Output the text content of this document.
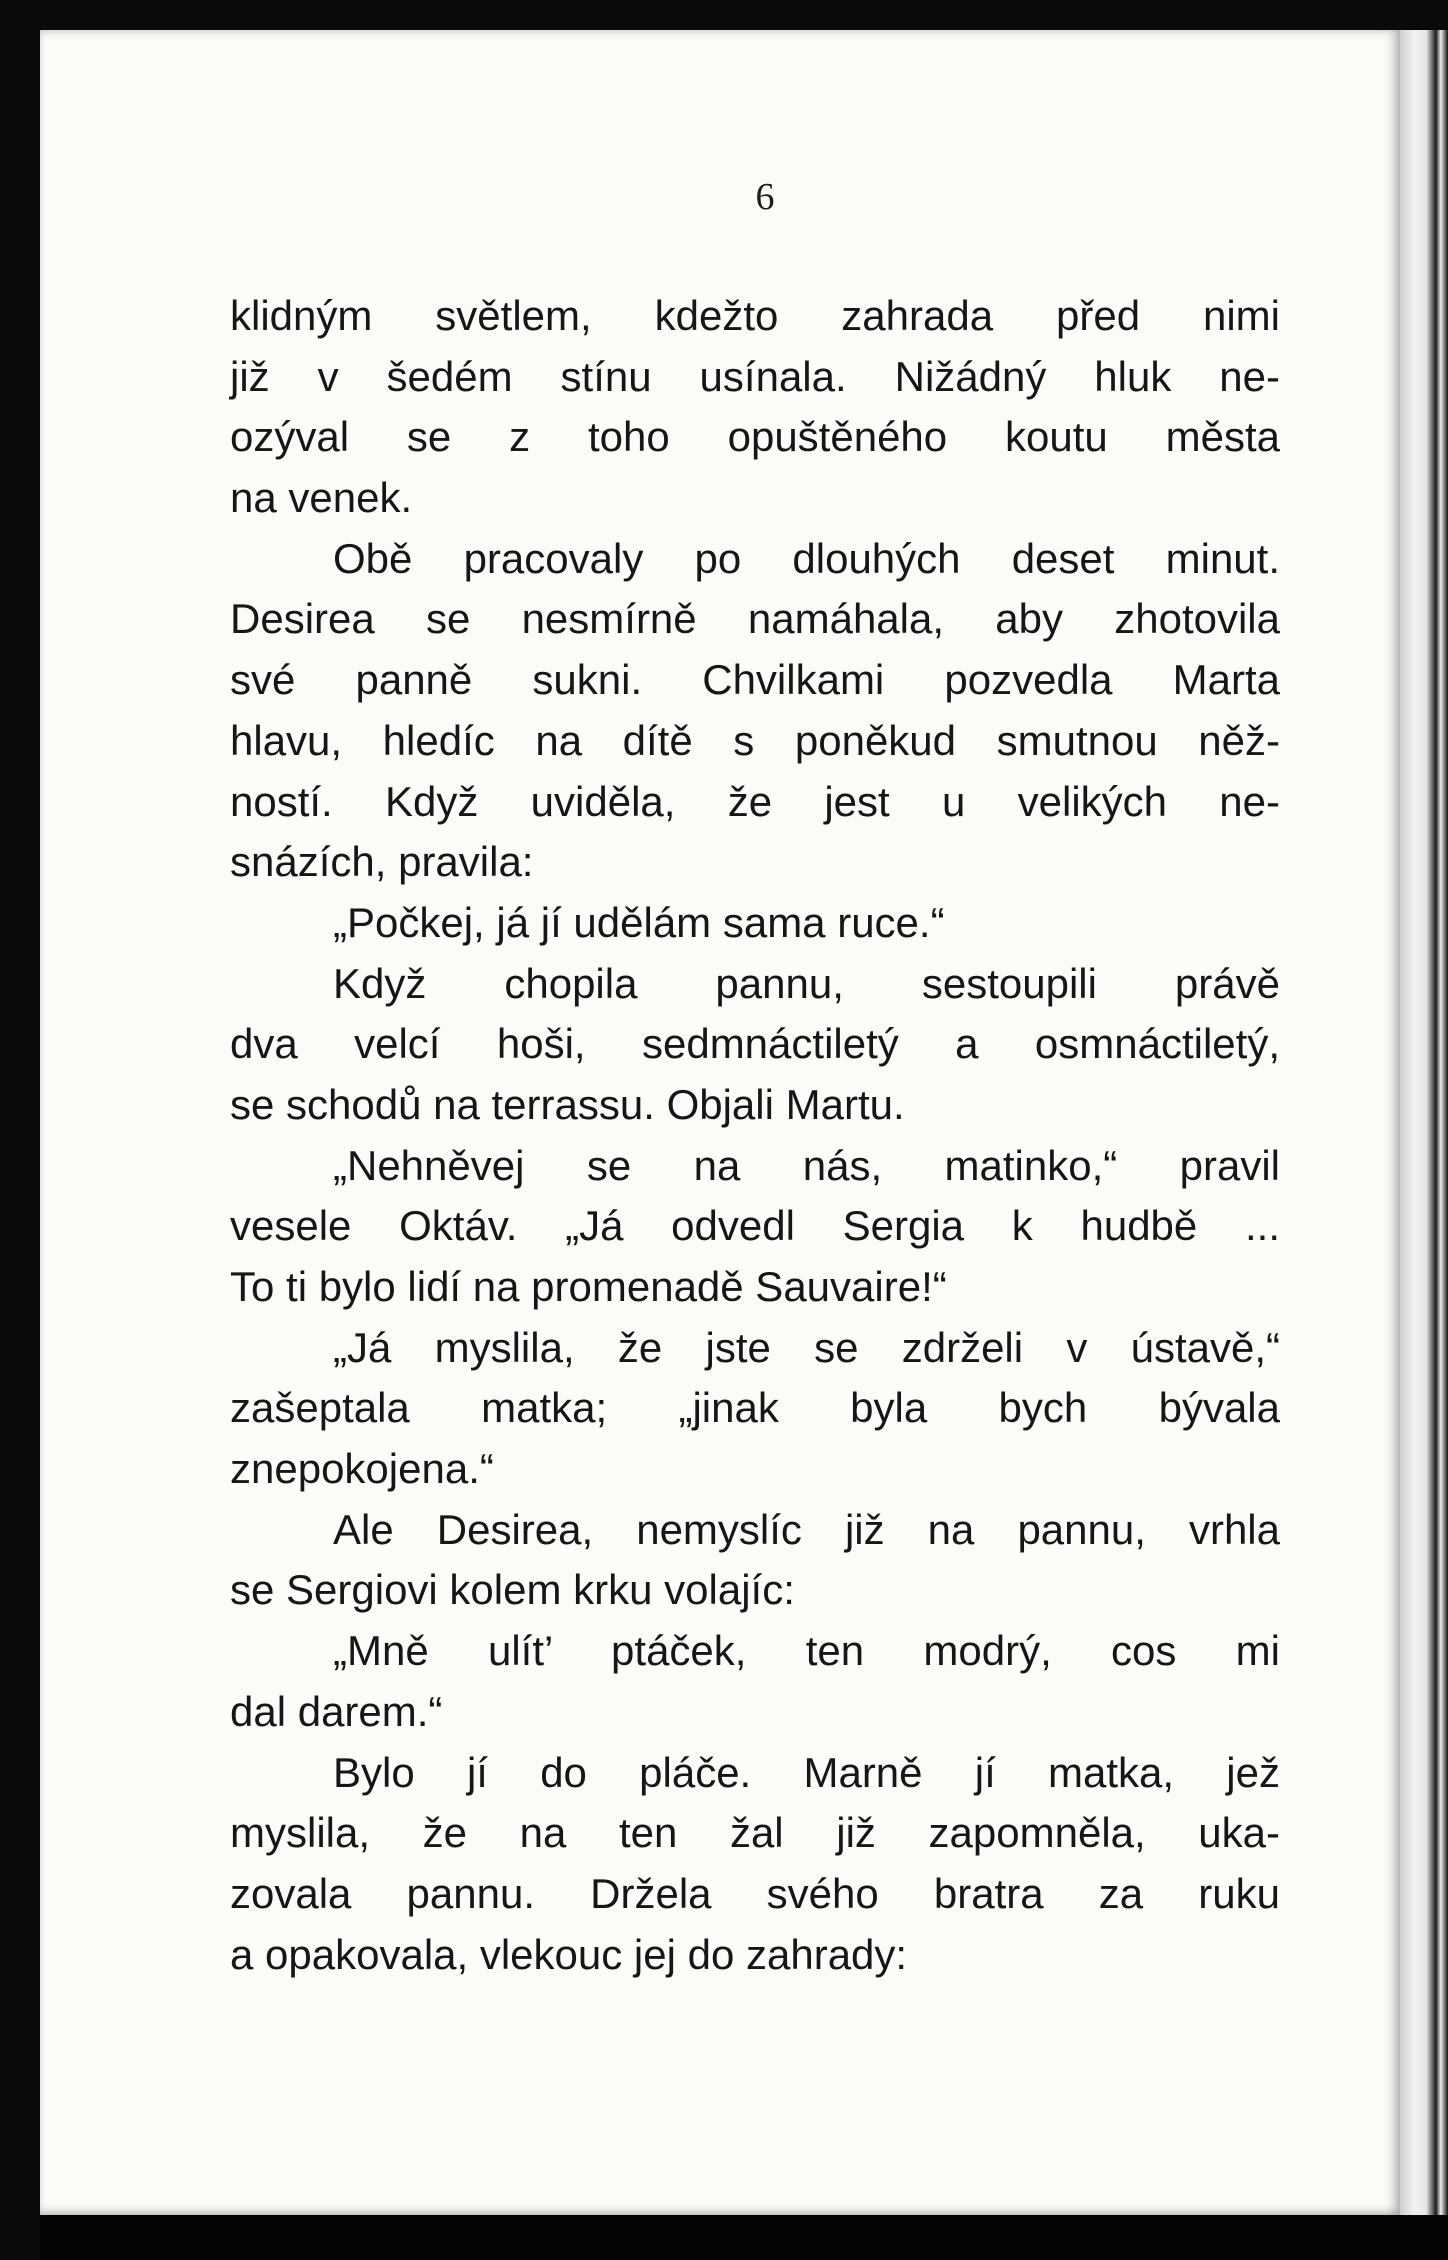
6
klidným světlem, kdežto zahrada před nimi
již v šedém stínu usínala. Nižádný hluk ne-
ozýval se z toho opuštěného koutu města
na venek.
Obě pracovaly po dlouhých deset minut.
Desirea se nesmírně namáhala, aby zhotovila
své panně sukni. Chvilkami pozvedla Marta
hlavu, hledíc na dítě s poněkud smutnou něž-
ností. Když uviděla, že jest u velikých ne-
snázích, pravila:
„Počkej, já jí udělám sama ruce.“
Když chopila pannu, sestoupili právě
dva velcí hoši, sedmnáctiletý a osmnáctiletý,
se schodů na terrassu. Objali Martu.
„Nehněvej se na nás, matinko,“ pravil
vesele Oktáv. „Já odvedl Sergia k hudbě ...
To ti bylo lidí na promenadě Sauvaire!“
„Já myslila, že jste se zdrželi v ústavě,“
zašeptala matka; „jinak byla bych bývala
znepokojena.“
Ale Desirea, nemyslíc již na pannu, vrhla
se Sergiovi kolem krku volajíc:
„Mně ulít’ ptáček, ten modrý, cos mi
dal darem.“
Bylo jí do pláče. Marně jí matka, jež
myslila, že na ten žal již zapomněla, uka-
zovala pannu. Držela svého bratra za ruku
a opakovala, vlekouc jej do zahrady:
